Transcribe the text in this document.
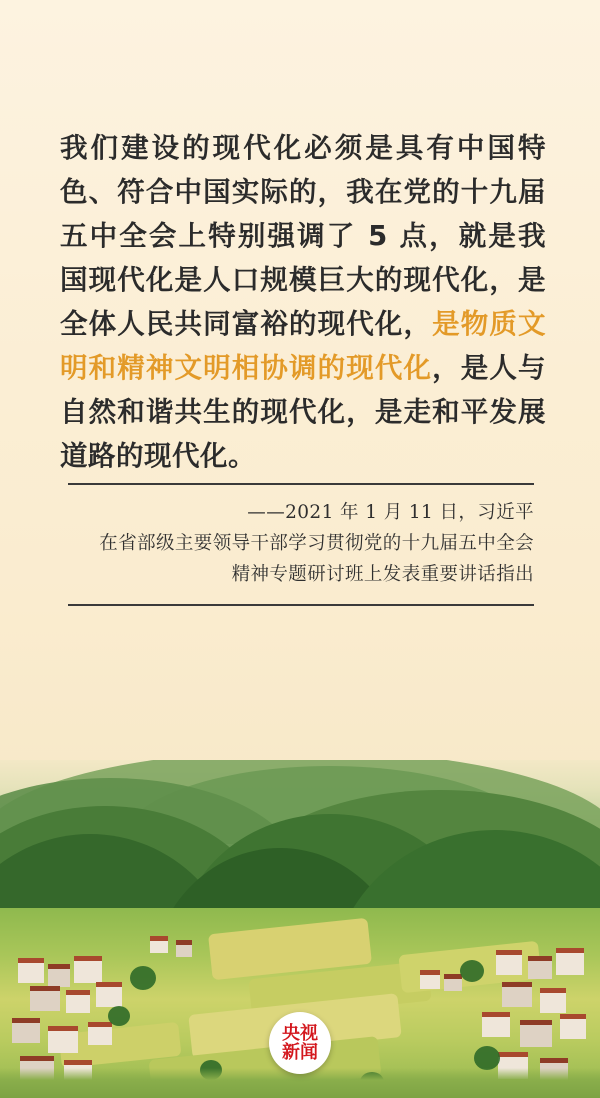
我们建设的现代化必须是具有中国特色、符合中国实际的，我在党的十九届五中全会上特别强调了 5 点，就是我国现代化是人口规模巨大的现代化，是全体人民共同富裕的现代化，是物质文明和精神文明相协调的现代化，是人与自然和谐共生的现代化，是走和平发展道路的现代化。
——2021 年 1 月 11 日，习近平
在省部级主要领导干部学习贯彻党的十九届五中全会
精神专题研讨班上发表重要讲话指出
央视
新闻
